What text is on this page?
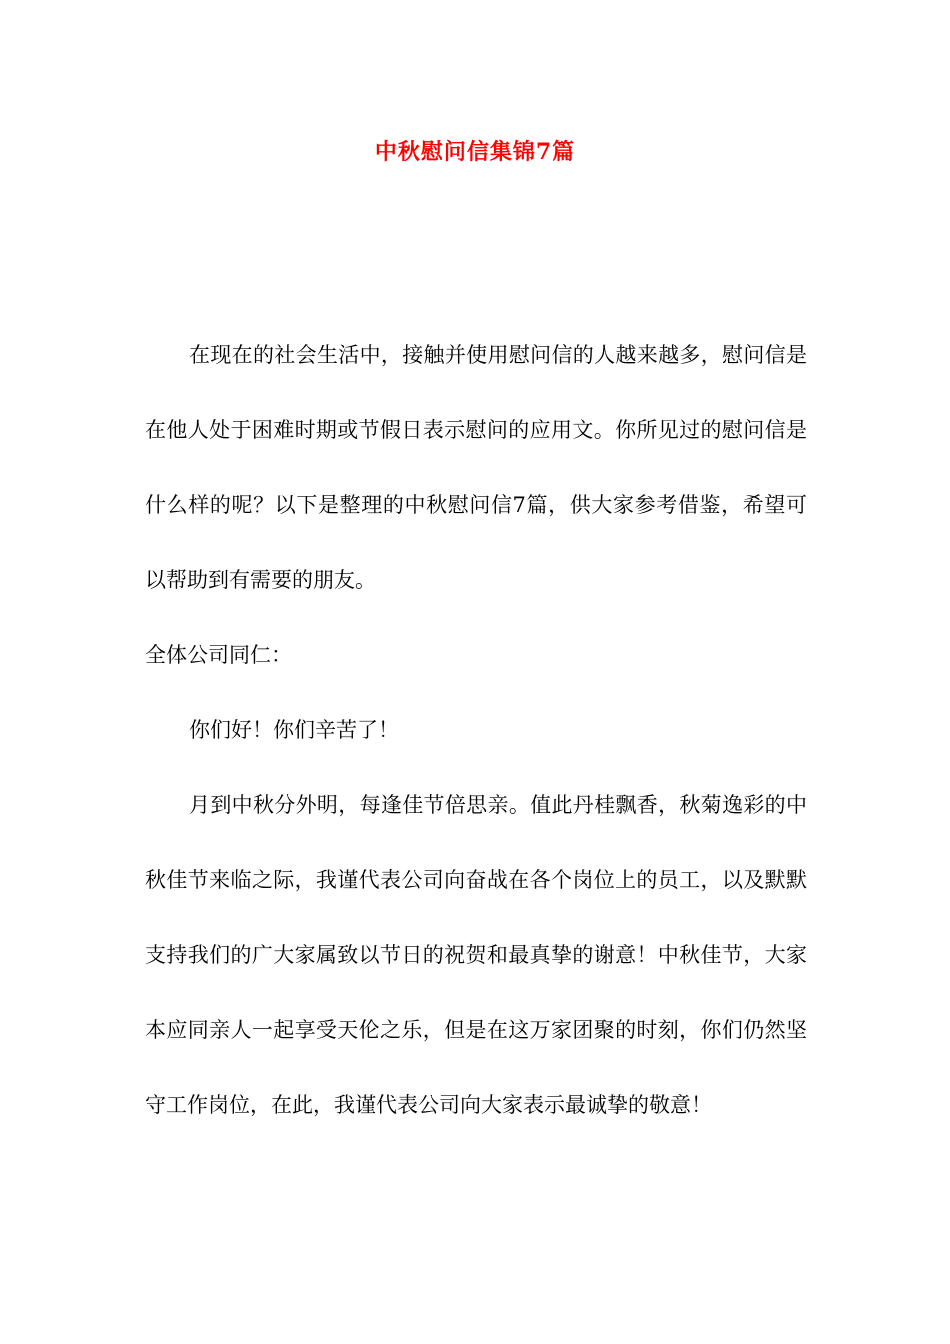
中秋慰问信集锦7篇

在现在的社会生活中，接触并使用慰问信的人越来越多，慰问信是在他人处于困难时期或节假日表示慰问的应用文。你所见过的慰问信是什么样的呢？以下是整理的中秋慰问信7篇，供大家参考借鉴，希望可以帮助到有需要的朋友。

全体公司同仁：

你们好！你们辛苦了！

月到中秋分外明，每逢佳节倍思亲。值此丹桂飘香，秋菊逸彩的中秋佳节来临之际，我谨代表公司向奋战在各个岗位上的员工，以及默默支持我们的广大家属致以节日的祝贺和最真挚的谢意！中秋佳节，大家本应同亲人一起享受天伦之乐，但是在这万家团聚的时刻，你们仍然坚守工作岗位，在此，我谨代表公司向大家表示最诚挚的敬意！
